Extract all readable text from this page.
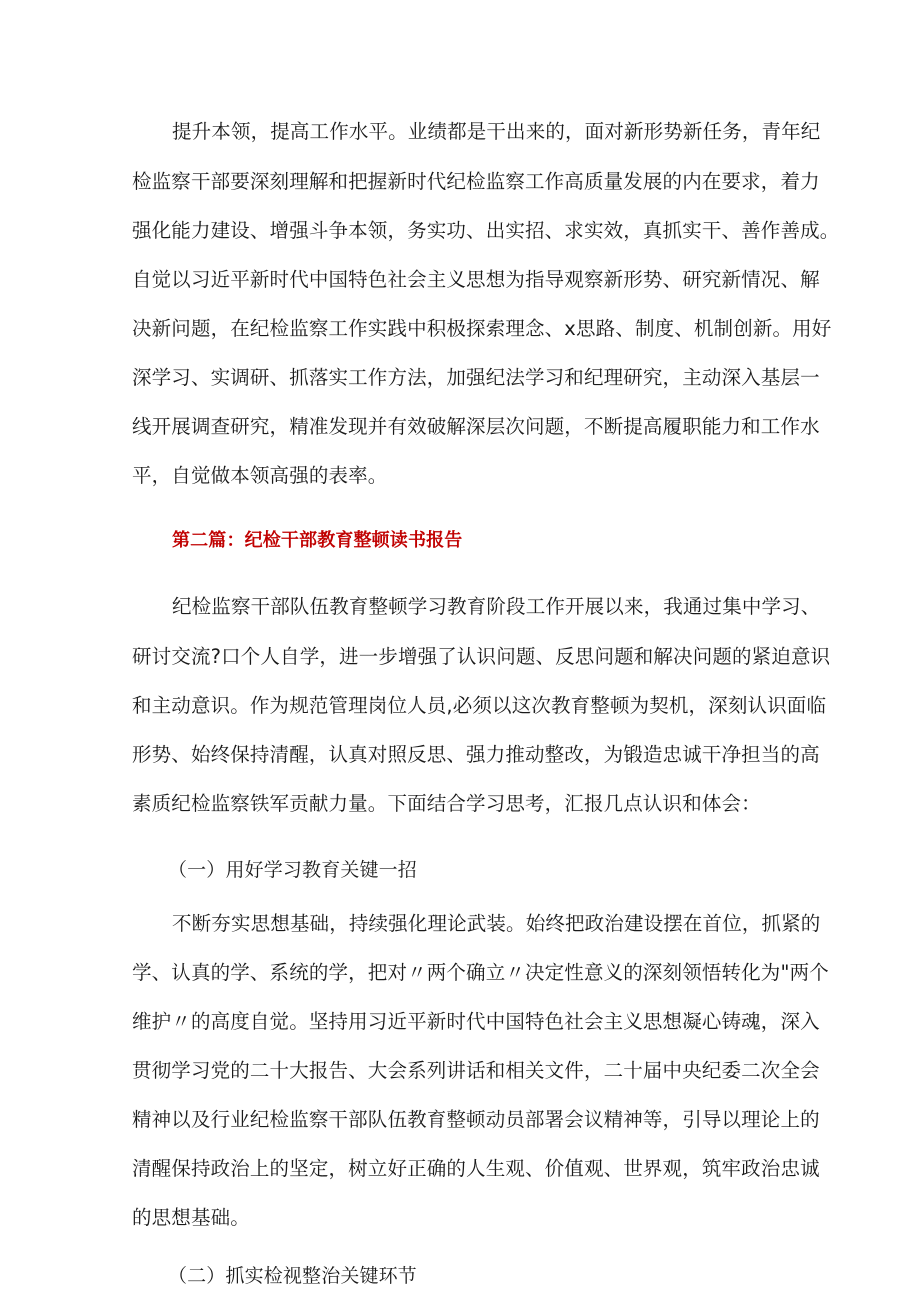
提升本领，提高工作水平。业绩都是干出来的，面对新形势新任务，青年纪
检监察干部要深刻理解和把握新时代纪检监察工作高质量发展的内在要求，着力
强化能力建设、增强斗争本领，务实功、出实招、求实效，真抓实干、善作善成。
自觉以习近平新时代中国特色社会主义思想为指导观察新形势、研究新情况、解
决新问题，在纪检监察工作实践中积极探索理念、x思路、制度、机制创新。用好
深学习、实调研、抓落实工作方法，加强纪法学习和纪理研究，主动深入基层一
线开展调查研究，精准发现并有效破解深层次问题，不断提高履职能力和工作水
平，自觉做本领高强的表率。
第二篇：纪检干部教育整顿读书报告
纪检监察干部队伍教育整顿学习教育阶段工作开展以来，我通过集中学习、
研讨交流?口个人自学，进一步增强了认识问题、反思问题和解决问题的紧迫意识
和主动意识。作为规范管理岗位人员,必须以这次教育整顿为契机，深刻认识面临
形势、始终保持清醒，认真对照反思、强力推动整改，为锻造忠诚干净担当的高
素质纪检监察铁军贡献力量。下面结合学习思考，汇报几点认识和体会：
（一）用好学习教育关键一招
不断夯实思想基础，持续强化理论武装。始终把政治建设摆在首位，抓紧的
学、认真的学、系统的学，把对〃两个确立〃决定性意义的深刻领悟转化为"两个
维护〃的高度自觉。坚持用习近平新时代中国特色社会主义思想凝心铸魂，深入
贯彻学习党的二十大报告、大会系列讲话和相关文件，二十届中央纪委二次全会
精神以及行业纪检监察干部队伍教育整顿动员部署会议精神等，引导以理论上的
清醒保持政治上的坚定，树立好正确的人生观、价值观、世界观，筑牢政治忠诚
的思想基础。
（二）抓实检视整治关键环节
